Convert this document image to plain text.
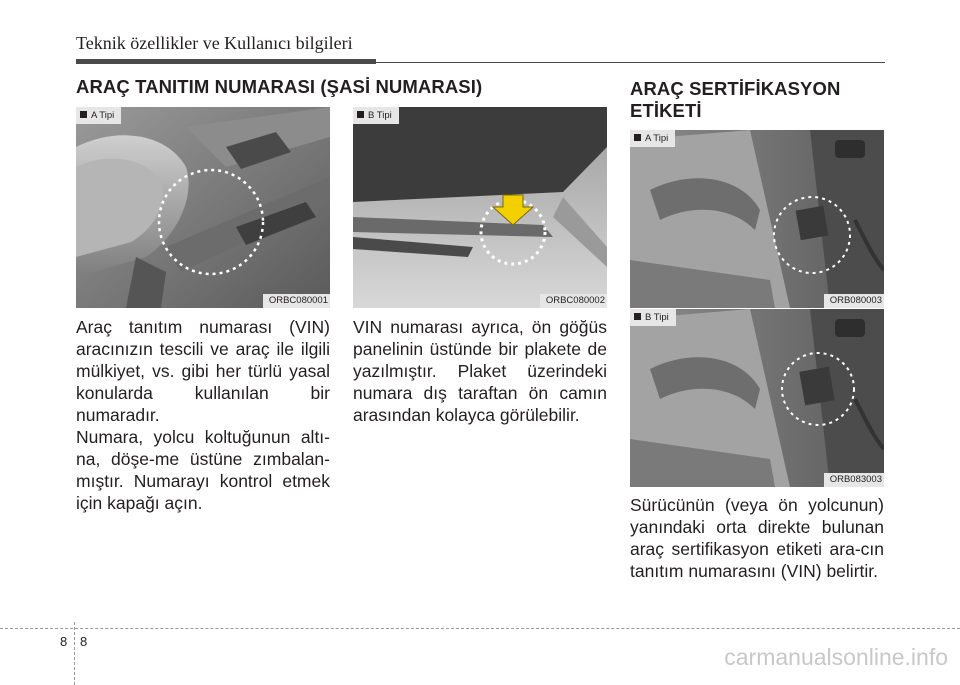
Teknik özellikler ve Kullanıcı bilgileri
ARAÇ TANITIM NUMARASI (ŞASİ NUMARASI)
A Tipi
ORBC080001
B Tipi
ORBC080002

Araç tanıtım numarası (VIN) aracınızın tescili ve araç ile ilgili mülkiyet, vs. gibi her türlü yasal konularda kullanılan bir numaradır.

Numara, yolcu koltuğunun altı-na, döşe-me üstüne zımbalan-mıştır. Numarayı kontrol etmek için kapağı açın.

VIN numarası ayrıca, ön göğüs panelinin üstünde bir plakete de yazılmıştır. Plaket üzerindeki numara dış taraftan ön camın arasından kolayca görülebilir.

ARAÇ SERTİFİKASYON
ETİKETİ
A Tipi
ORB080003
B Tipi
ORB083003

Sürücünün (veya ön yolcunun) yanındaki orta direkte bulunan araç sertifikasyon etiketi ara-cın tanıtım numarasını (VIN) belirtir.

8 8
carmanualsonline.info
